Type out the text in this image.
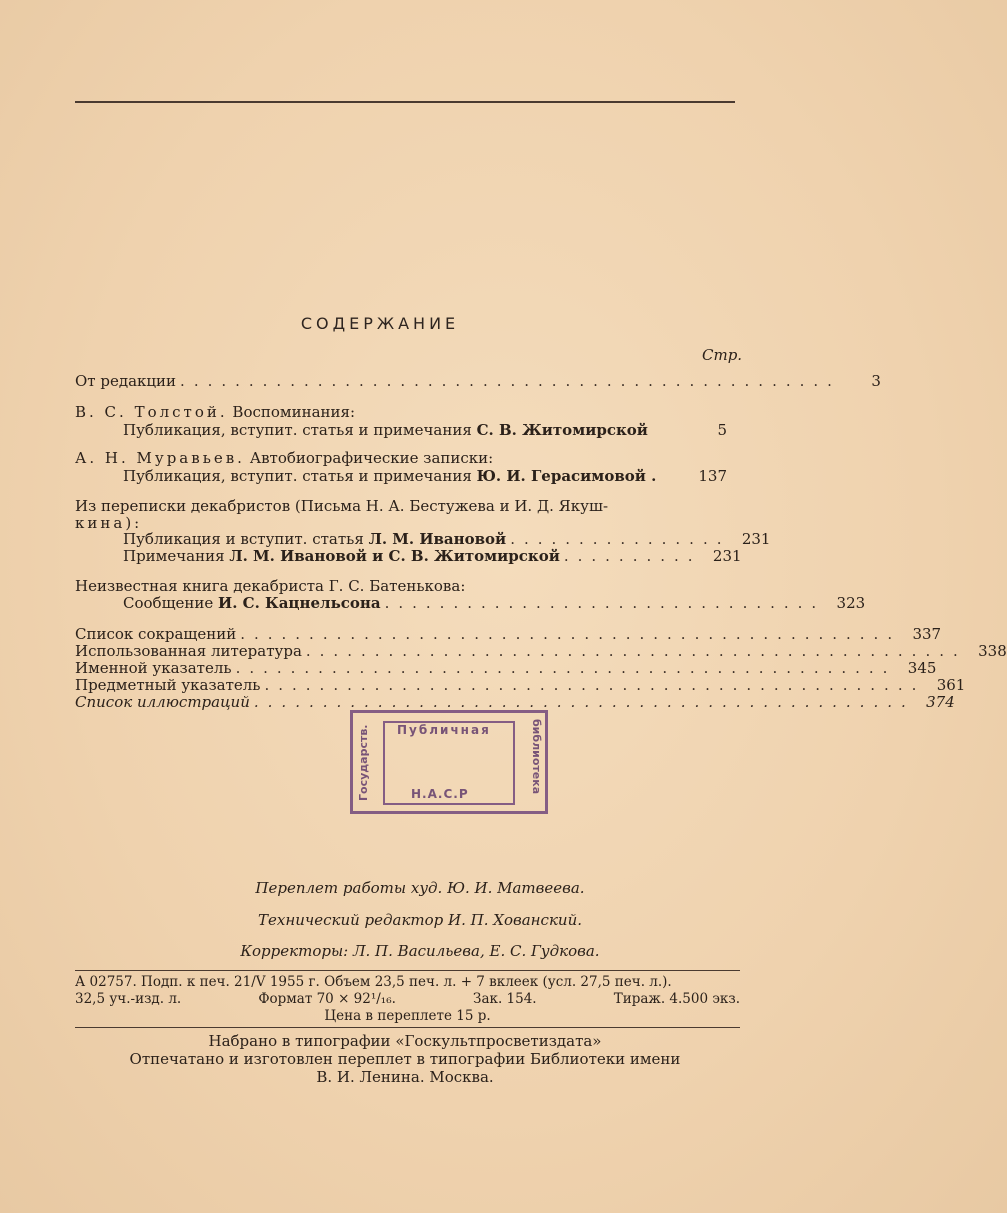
СОДЕРЖАНИЕ
Стр.
От редакции ................................................	3
В. С. Толстой. Воспоминания:
Публикация, вступит. статья и примечания С. В. Житомирской	5
А. Н. Муравьев. Автобиографические записки:
Публикация, вступит. статья и примечания Ю. И. Герасимовой .	137
Из переписки декабристов (Письма Н. А. Бестужева и И. Д. Якуш-
кина):
Публикация и вступит. статья Л. М. Ивановой ................ 231
Примечания Л. М. Ивановой и С. В. Житомирской .......... 231
Неизвестная книга декабриста Г. С. Батенькова:
Сообщение И. С. Кацнельсона ................................ 323
Список сокращений ................................................ 337
Использованная литература ................................................ 338
Именной указатель ................................................ 345
Предметный указатель ................................................ 361
Список иллюстраций ................................................ 374
Государств. Публичная	библиотека
Н.А.С.Р
Переплет работы худ. Ю. И. Матвеева.
Технический редактор И. П. Хованский.
Корректоры: Л. П. Васильева, Е. С. Гудкова.
А 02757. Подп. к печ. 21/V 1955 г. Объем 23,5 печ. л. + 7 вклеек (усл. 27,5 печ. л.).
32,5 уч.-изд. л.	Формат 70 × 92¹/₁₆.	Зак. 154.	Тираж. 4.500 экз.
Цена в переплете 15 р.
Набрано в типографии «Госкультпросветиздата»
Отпечатано и изготовлен переплет в типографии Библиотеки имени
В. И. Ленина. Москва.
